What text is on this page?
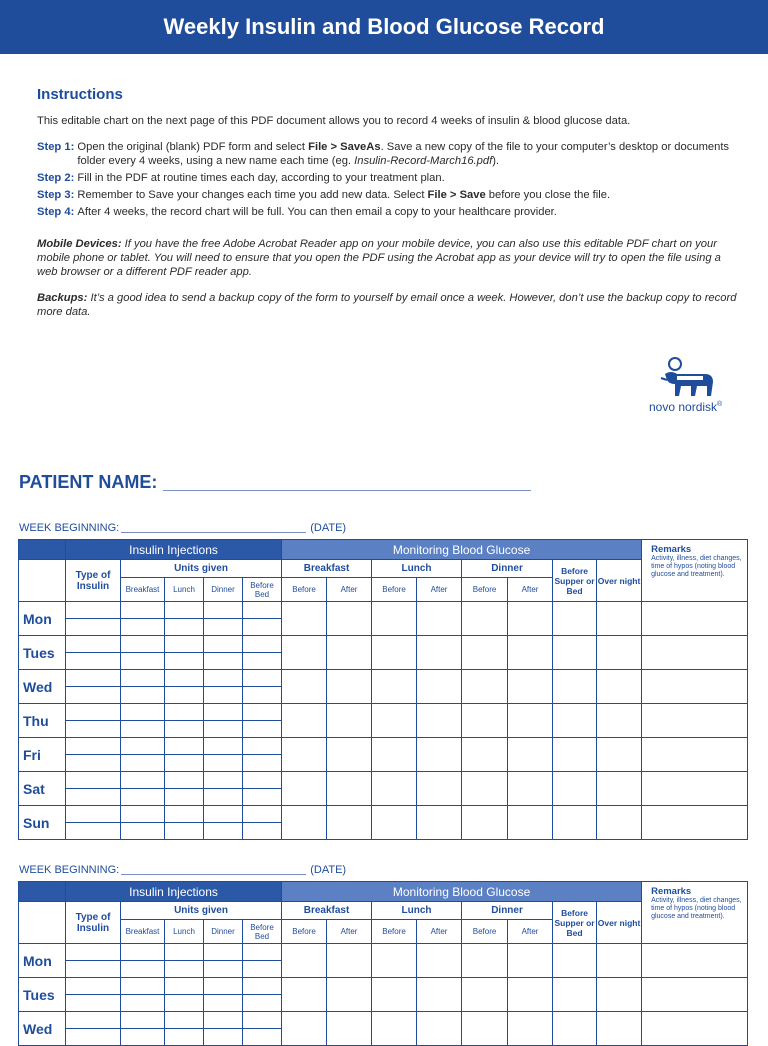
Weekly Insulin and Blood Glucose Record
Instructions
This editable chart on the next page of this PDF document allows you to record 4 weeks of insulin & blood glucose data.
Step 1:
Open the original (blank) PDF form and select File > SaveAs. Save a new copy of the file to your computer’s desktop or documents folder every 4 weeks, using a new name each time (eg. Insulin-Record-March16.pdf).
Step 2:
Fill in the PDF at routine times each day, according to your treatment plan.
Step 3:
Remember to Save your changes each time you add new data. Select File > Save before you close the file.
Step 4:
After 4 weeks, the record chart will be full. You can then email a copy to your healthcare provider.
Mobile Devices: If you have the free Adobe Acrobat Reader app on your mobile device, you can also use this editable PDF chart on your mobile phone or tablet. You will need to ensure that you open the PDF using the Acrobat app as your device will try to open the file using a web browser or a different PDF reader app.
Backups: It’s a good idea to send a backup copy of the form to yourself by email once a week. However, don’t use the backup copy to record more data.
novo nordisk®
PATIENT NAME:
WEEK BEGINNING:	(DATE)
	Insulin Injections					Monitoring Blood Glucose								Remarks
Activity, illness, diet changes, time of hypos (noting blood glucose and treatment).

	Type of Insulin	Units given				Breakfast		Lunch		Dinner		Before Supper or Bed	Over night	
		Breakfast	Lunch	Dinner	Before Bed	Before	After	Before	After	Before	After			
Mon														

Tues														

Wed														

Thu														

Fri														

Sat														

Sun														

WEEK BEGINNING:	(DATE)
	Insulin Injections					Monitoring Blood Glucose								Remarks
Activity, illness, diet changes, time of hypos (noting blood glucose and treatment).

	Type of Insulin	Units given				Breakfast		Lunch		Dinner		Before Supper or Bed	Over night	
		Breakfast	Lunch	Dinner	Before Bed	Before	After	Before	After	Before	After			
Mon														

Tues														

Wed														
